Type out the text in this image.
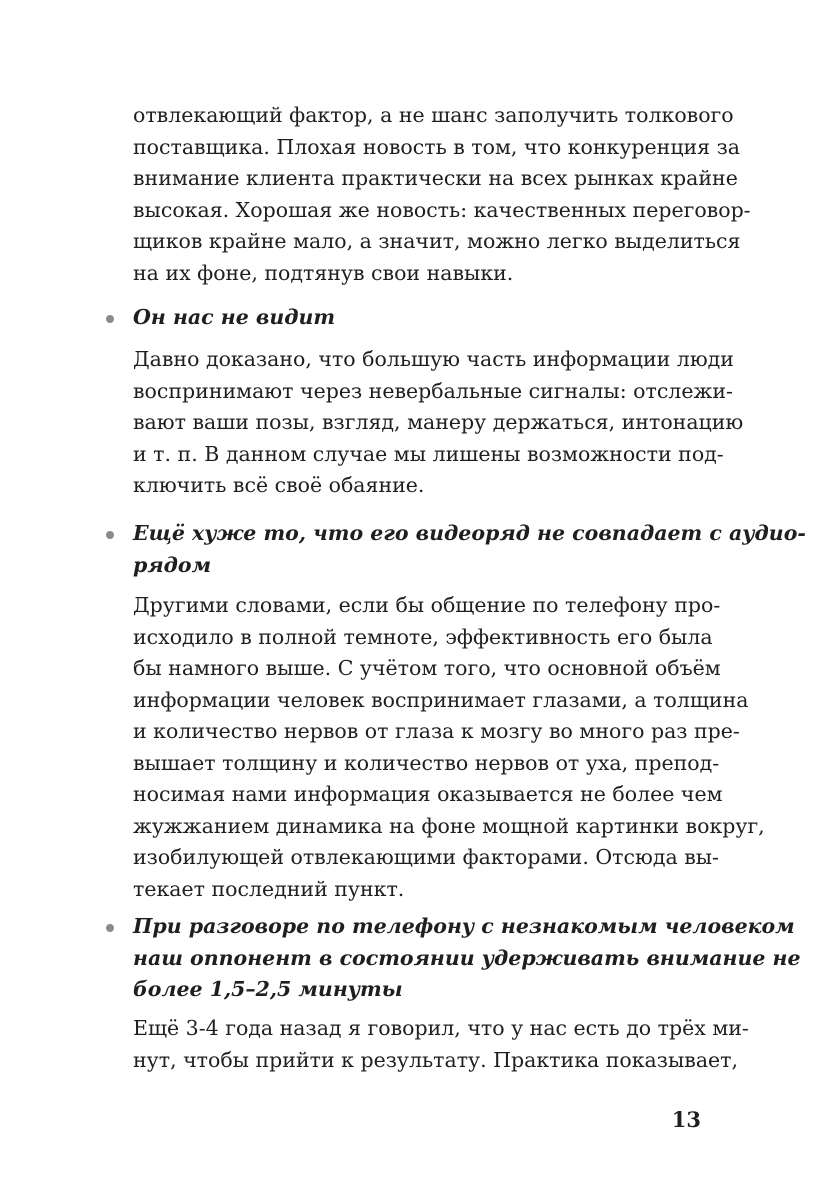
отвлекающий фактор, а не шанс заполучить толкового
поставщика. Плохая новость в том, что конкуренция за
внимание клиента практически на всех рынках крайне
высокая. Хорошая же новость: качественных переговор-
щиков крайне мало, а значит, можно легко выделиться
на их фоне, подтянув свои навыки.
Он нас не видит
Давно доказано, что большую часть информации люди
воспринимают через невербальные сигналы: отслежи-
вают ваши позы, взгляд, манеру держаться, интонацию
и т. п. В данном случае мы лишены возможности под-
ключить всё своё обаяние.
Ещё хуже то, что его видеоряд не совпадает с аудио-
рядом
Другими словами, если бы общение по телефону про-
исходило в полной темноте, эффективность его была
бы намного выше. С учётом того, что основной объём
информации человек воспринимает глазами, а толщина
и количество нервов от глаза к мозгу во много раз пре-
вышает толщину и количество нервов от уха, препод-
носимая нами информация оказывается не более чем
жужжанием динамика на фоне мощной картинки вокруг,
изобилующей отвлекающими факторами. Отсюда вы-
текает последний пункт.
При разговоре по телефону с незнакомым человеком
наш оппонент в состоянии удерживать внимание не
более 1,5–2,5 минуты
Ещё 3-4 года назад я говорил, что у нас есть до трёх ми-
нут, чтобы прийти к результату. Практика показывает,
13
